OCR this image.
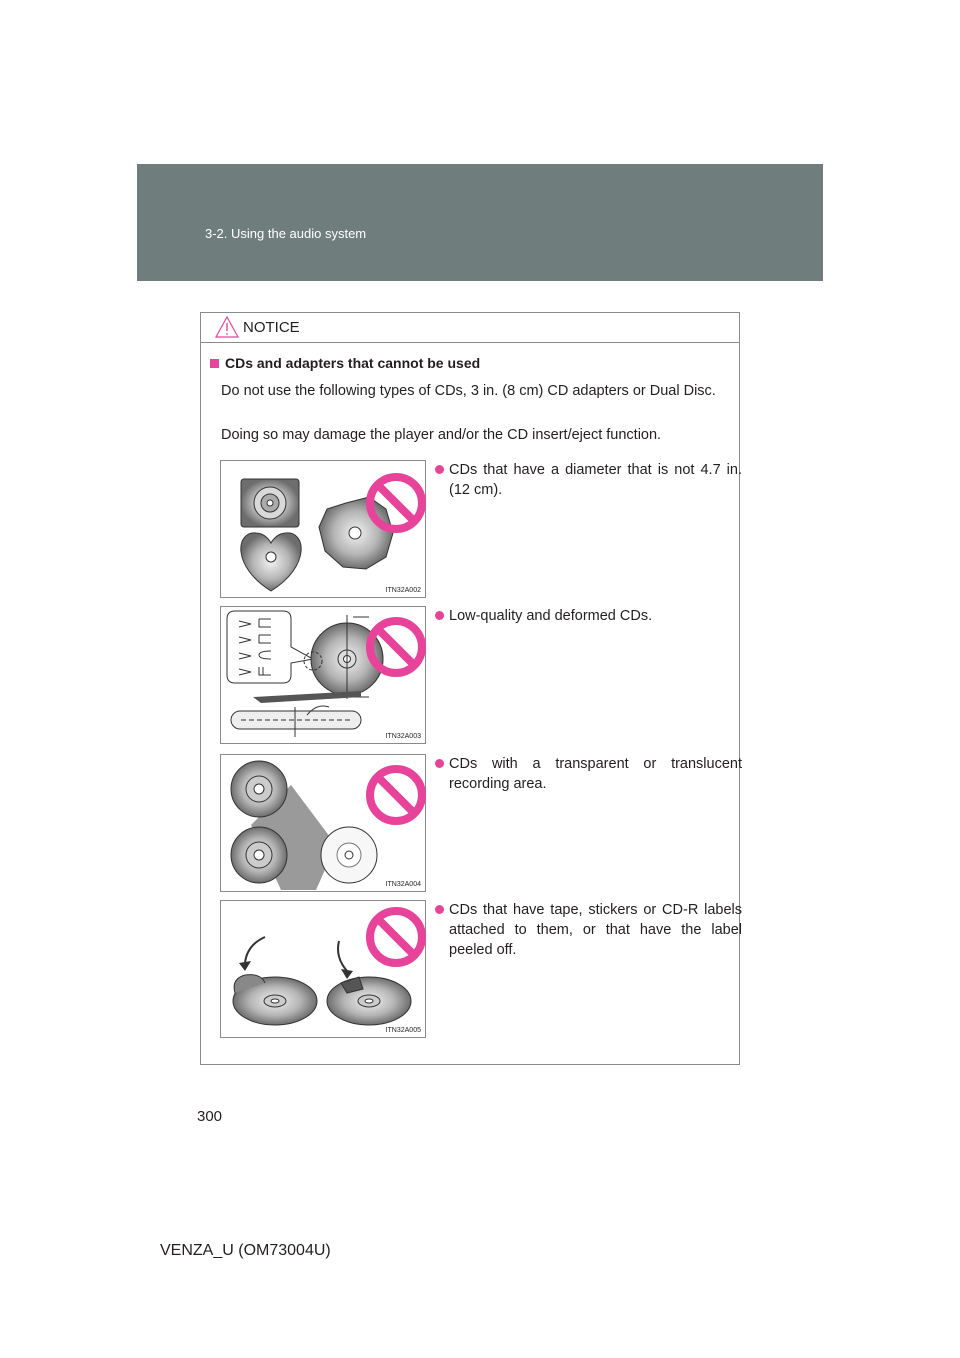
3-2. Using the audio system
NOTICE
CDs and adapters that cannot be used
Do not use the following types of CDs, 3 in. (8 cm) CD adapters or Dual Disc.
Doing so may damage the player and/or the CD insert/eject function.
ITN32A002
CDs that have a diameter that is not 4.7 in. (12 cm).
ITN32A003
Low-quality and deformed CDs.
ITN32A004
CDs with a transparent or translucent recording area.
ITN32A005
CDs that have tape, stickers or CD-R labels attached to them, or that have the label peeled off.
300
VENZA_U (OM73004U)
